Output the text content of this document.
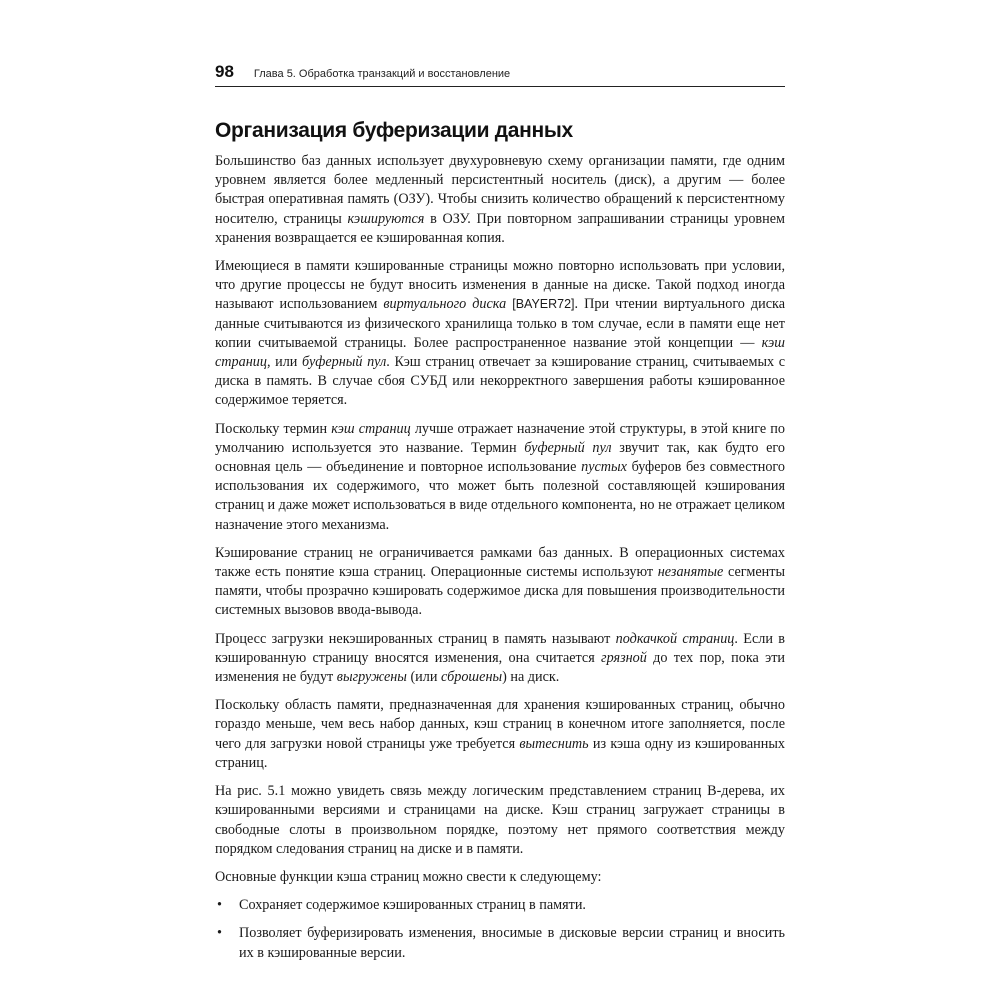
98 Глава 5. Обработка транзакций и восстановление
Организация буферизации данных

Большинство баз данных использует двухуровневую схему организации памяти, где одним уровнем является более медленный персистентный носитель (диск), а другим — более быстрая оперативная память (ОЗУ). Чтобы снизить количество обращений к персистентному носителю, страницы кэшируются в ОЗУ. При повторном запрашивании страницы уровнем хранения возвращается ее кэшированная копия.

Имеющиеся в памяти кэшированные страницы можно повторно использовать при условии, что другие процессы не будут вносить изменения в данные на диске. Такой подход иногда называют использованием виртуального диска [BAYER72]. При чтении виртуального диска данные считываются из физического хранилища только в том случае, если в памяти еще нет копии считываемой страницы. Более распространенное название этой концепции — кэш страниц, или буферный пул. Кэш страниц отвечает за кэширование страниц, считываемых с диска в память. В случае сбоя СУБД или некорректного завершения работы кэшированное содержимое теряется.

Поскольку термин кэш страниц лучше отражает назначение этой структуры, в этой книге по умолчанию используется это название. Термин буферный пул звучит так, как будто его основная цель — объединение и повторное использование пустых буферов без совместного использования их содержимого, что может быть полезной составляющей кэширования страниц и даже может использоваться в виде отдельного компонента, но не отражает целиком назначение этого механизма.

Кэширование страниц не ограничивается рамками баз данных. В операционных системах также есть понятие кэша страниц. Операционные системы используют незанятые сегменты памяти, чтобы прозрачно кэшировать содержимое диска для повышения производительности системных вызовов ввода-вывода.

Процесс загрузки некэшированных страниц в память называют подкачкой страниц. Если в кэшированную страницу вносятся изменения, она считается грязной до тех пор, пока эти изменения не будут выгружены (или сброшены) на диск.

Поскольку область памяти, предназначенная для хранения кэшированных страниц, обычно гораздо меньше, чем весь набор данных, кэш страниц в конечном итоге заполняется, после чего для загрузки новой страницы уже требуется вытеснить из кэша одну из кэшированных страниц.

На рис. 5.1 можно увидеть связь между логическим представлением страниц B-дерева, их кэшированными версиями и страницами на диске. Кэш страниц загружает страницы в свободные слоты в произвольном порядке, поэтому нет прямого соответствия между порядком следования страниц на диске и в памяти.

Основные функции кэша страниц можно свести к следующему:

• Сохраняет содержимое кэшированных страниц в памяти.
• Позволяет буферизировать изменения, вносимые в дисковые версии страниц и вносить их в кэшированные версии.
